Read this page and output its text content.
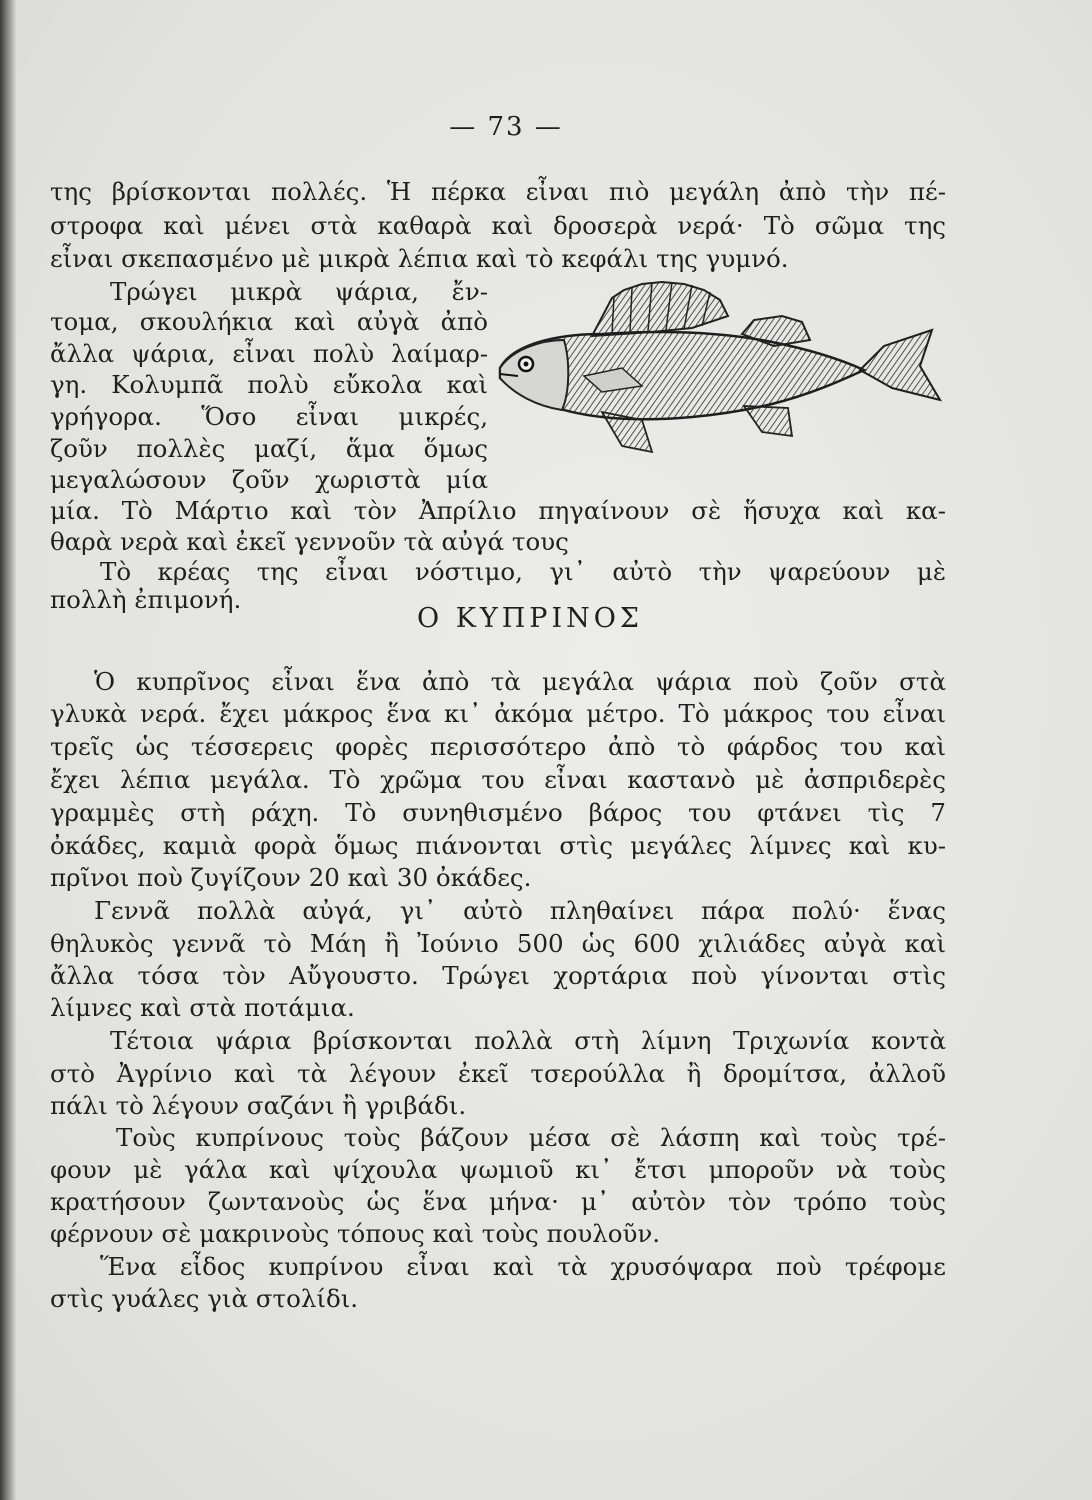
— 73 —
της βρίσκονται πολλές. Ἡ πέρκα εἶναι πιὸ μεγάλη ἀπὸ τὴν πέ-
στροφα καὶ μένει στὰ καθαρὰ καὶ δροσερὰ νερά· Τὸ σῶμα της
εἶναι σκεπασμένο μὲ μικρὰ λέπια καὶ τὸ κεφάλι της γυμνό.
Τρώγει μικρὰ ψάρια, ἔν-
τομα, σκουλήκια καὶ αὐγὰ ἀπὸ
ἄλλα ψάρια, εἶναι πολὺ λαίμαρ-
γη. Κολυμπᾶ πολὺ εὔκολα καὶ
γρήγορα. Ὅσο εἶναι μικρές,
ζοῦν πολλὲς μαζί, ἅμα ὅμως
μεγαλώσουν ζοῦν χωριστὰ μία
μία. Τὸ Μάρτιο καὶ τὸν Ἀπρίλιο πηγαίνουν σὲ ἥσυχα καὶ κα-
θαρὰ νερὰ καὶ ἐκεῖ γεννοῦν τὰ αὐγά τους
Τὸ κρέας της εἶναι νόστιμο, γι᾿ αὐτὸ τὴν ψαρεύουν μὲ
πολλὴ ἐπιμονή.
Ο ΚΥΠΡΙΝΟΣ
Ὁ κυπρῖνος εἶναι ἕνα ἀπὸ τὰ μεγάλα ψάρια ποὺ ζοῦν στὰ
γλυκὰ νερά. ἔχει μάκρος ἕνα κι᾿ ἀκόμα μέτρο. Τὸ μάκρος του εἶναι
τρεῖς ὡς τέσσερεις φορὲς περισσότερο ἀπὸ τὸ φάρδος του καὶ
ἔχει λέπια μεγάλα. Τὸ χρῶμα του εἶναι καστανὸ μὲ ἀσπριδερὲς
γραμμὲς στὴ ράχη. Τὸ συνηθισμένο βάρος του φτάνει τὶς 7
ὀκάδες, καμιὰ φορὰ ὅμως πιάνονται στὶς μεγάλες λίμνες καὶ κυ-
πρῖνοι ποὺ ζυγίζουν 20 καὶ 30 ὀκάδες.
Γεννᾶ πολλὰ αὐγά, γι᾿ αὐτὸ πληθαίνει πάρα πολύ· ἕνας
θηλυκὸς γεννᾶ τὸ Μάη ἢ Ἰούνιο 500 ὡς 600 χιλιάδες αὐγὰ καὶ
ἄλλα τόσα τὸν Αὔγουστο. Τρώγει χορτάρια ποὺ γίνονται στὶς
λίμνες καὶ στὰ ποτάμια.
Τέτοια ψάρια βρίσκονται πολλὰ στὴ λίμνη Τριχωνία κοντὰ
στὸ Ἀγρίνιο καὶ τὰ λέγουν ἐκεῖ τσερούλλα ἢ δρομίτσα, ἀλλοῦ
πάλι τὸ λέγουν σαζάνι ἢ γριβάδι.
Τοὺς κυπρίνους τοὺς βάζουν μέσα σὲ λάσπη καὶ τοὺς τρέ-
φουν μὲ γάλα καὶ ψίχουλα ψωμιοῦ κι᾿ ἔτσι μποροῦν νὰ τοὺς
κρατήσουν ζωντανοὺς ὡς ἕνα μήνα· μ᾿ αὐτὸν τὸν τρόπο τοὺς
φέρνουν σὲ μακρινοὺς τόπους καὶ τοὺς πουλοῦν.
Ἕνα εἶδος κυπρίνου εἶναι καὶ τὰ χρυσόψαρα ποὺ τρέφομε
στὶς γυάλες γιὰ στολίδι.
